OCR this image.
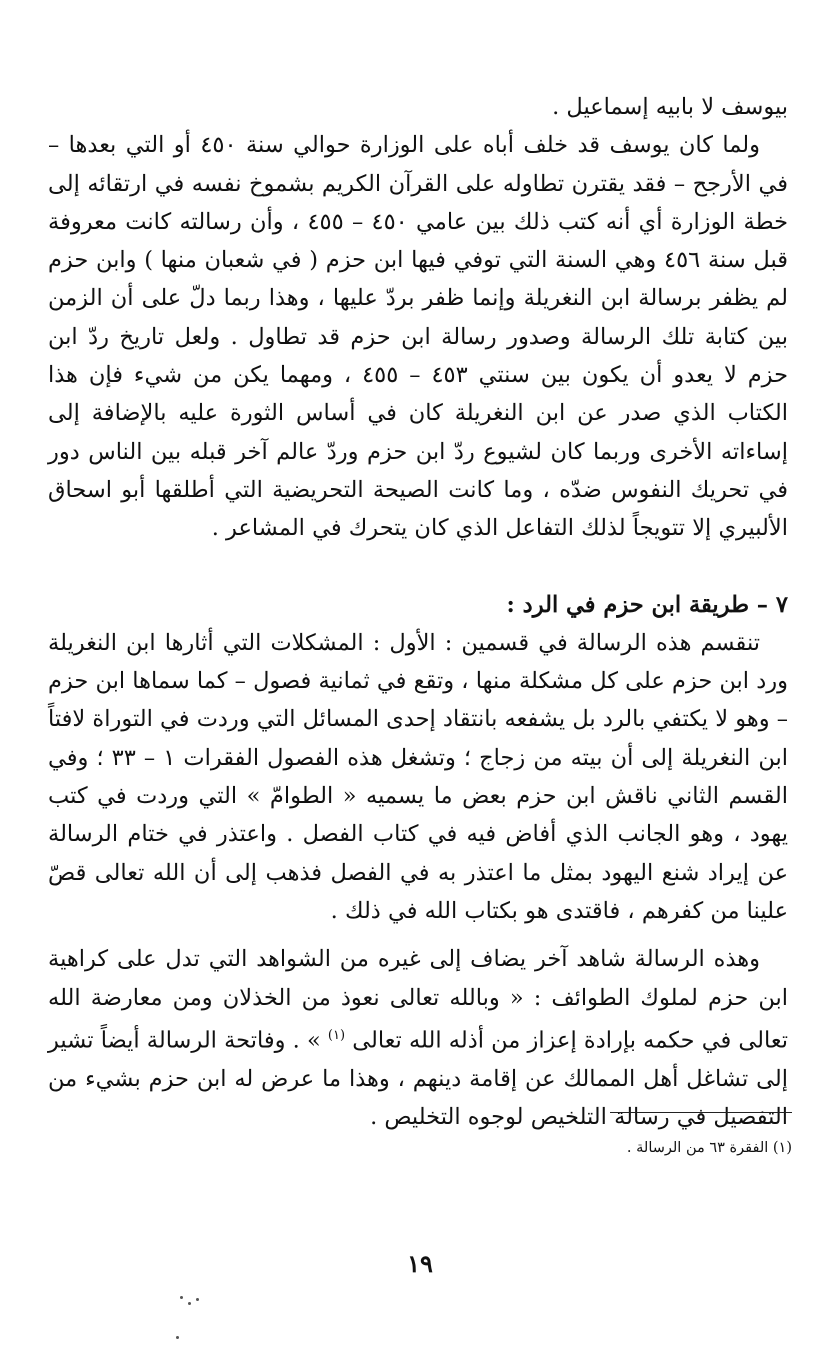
بيوسف لا بابيه إسماعيل .

ولما كان يوسف قد خلف أباه على الوزارة حوالي سنة ٤٥٠ أو التي بعدها – في الأرجح – فقد يقترن تطاوله على القرآن الكريم بشموخ نفسه في ارتقائه إلى خطة الوزارة أي أنه كتب ذلك بين عامي ٤٥٠ – ٤٥٥ ، وأن رسالته كانت معروفة قبل سنة ٤٥٦ وهي السنة التي توفي فيها ابن حزم ( في شعبان منها ) وابن حزم لم يظفر برسالة ابن النغريلة وإنما ظفر بردّ عليها ، وهذا ربما دلّ على أن الزمن بين كتابة تلك الرسالة وصدور رسالة ابن حزم قد تطاول . ولعل تاريخ ردّ ابن حزم لا يعدو أن يكون بين سنتي ٤٥٣ – ٤٥٥ ، ومهما يكن من شيء فإن هذا الكتاب الذي صدر عن ابن النغريلة كان في أساس الثورة عليه بالإضافة إلى إساءاته الأخرى وربما كان لشيوع ردّ ابن حزم وردّ عالم آخر قبله بين الناس دور في تحريك النفوس ضدّه ، وما كانت الصيحة التحريضية التي أطلقها أبو اسحاق الألبيري إلا تتويجاً لذلك التفاعل الذي كان يتحرك في المشاعر .

٧ – طريقة ابن حزم في الرد :

تنقسم هذه الرسالة في قسمين : الأول : المشكلات التي أثارها ابن النغريلة ورد ابن حزم على كل مشكلة منها ، وتقع في ثمانية فصول – كما سماها ابن حزم – وهو لا يكتفي بالرد بل يشفعه بانتقاد إحدى المسائل التي وردت في التوراة لافتاً ابن النغريلة إلى أن بيته من زجاج ؛ وتشغل هذه الفصول الفقرات ١ – ٣٣ ؛ وفي القسم الثاني ناقش ابن حزم بعض ما يسميه « الطوامّ » التي وردت في كتب يهود ، وهو الجانب الذي أفاض فيه في كتاب الفصل . واعتذر في ختام الرسالة عن إيراد شنع اليهود بمثل ما اعتذر به في الفصل فذهب إلى أن الله تعالى قصّ علينا من كفرهم ، فاقتدى هو بكتاب الله في ذلك .

وهذه الرسالة شاهد آخر يضاف إلى غيره من الشواهد التي تدل على كراهية ابن حزم لملوك الطوائف : « وبالله تعالى نعوذ من الخذلان ومن معارضة الله تعالى في حكمه بإرادة إعزاز من أذله الله تعالى $^{(١)}$ » . وفاتحة الرسالة أيضاً تشير إلى تشاغل أهل الممالك عن إقامة دينهم ، وهذا ما عرض له ابن حزم بشيء من التفصيل في رسالة التلخيص لوجوه التخليص .

(١) الفقرة ٦٣ من الرسالة .
١٩
